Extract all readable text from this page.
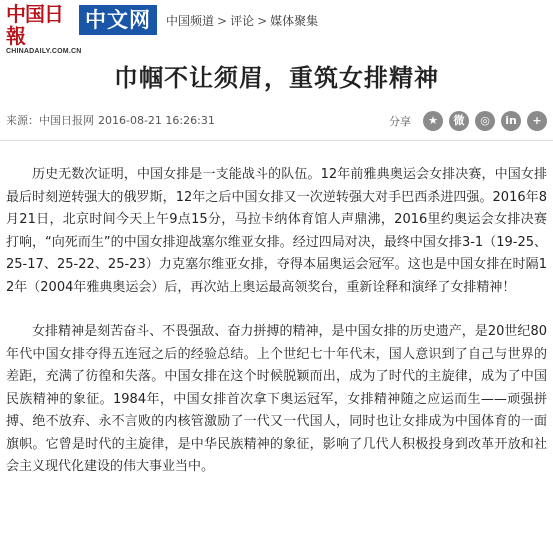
中国日報
CHINADAILY.COM.CN
中文网	中国频道 > 评论 > 媒体聚集
巾帼不让须眉，重筑女排精神
来源：中国日报网 2016-08-21 16:26:31	分享	★	微	◎	in	+

历史无数次证明，中国女排是一支能战斗的队伍。12年前雅典奥运会女排决赛，中国女排最后时刻逆转强大的俄罗斯，12年之后中国女排又一次逆转强大对手巴西杀进四强。2016年8月21日，北京时间今天上午9点15分，马拉卡纳体育馆人声鼎沸，2016里约奥运会女排决赛打响，“向死而生”的中国女排迎战塞尔维亚女排。经过四局对决，最终中国女排3-1（19-25、25-17、25-22、25-23）力克塞尔维亚女排，夺得本届奥运会冠军。这也是中国女排在时隔12年（2004年雅典奥运会）后，再次站上奥运最高领奖台，重新诠释和演绎了女排精神！

女排精神是刻苦奋斗、不畏强敌、奋力拼搏的精神，是中国女排的历史遗产，是20世纪80年代中国女排夺得五连冠之后的经验总结。上个世纪七十年代末，国人意识到了自己与世界的差距，充满了彷徨和失落。中国女排在这个时候脱颖而出，成为了时代的主旋律，成为了中国民族精神的象征。1984年，中国女排首次拿下奥运冠军，女排精神随之应运而生——顽强拼搏、绝不放弃、永不言败的内核管激励了一代又一代国人，同时也让女排成为中国体育的一面旗帜。它曾是时代的主旋律，是中华民族精神的象征，影响了几代人积极投身到改革开放和社会主义现代化建设的伟大事业当中。
